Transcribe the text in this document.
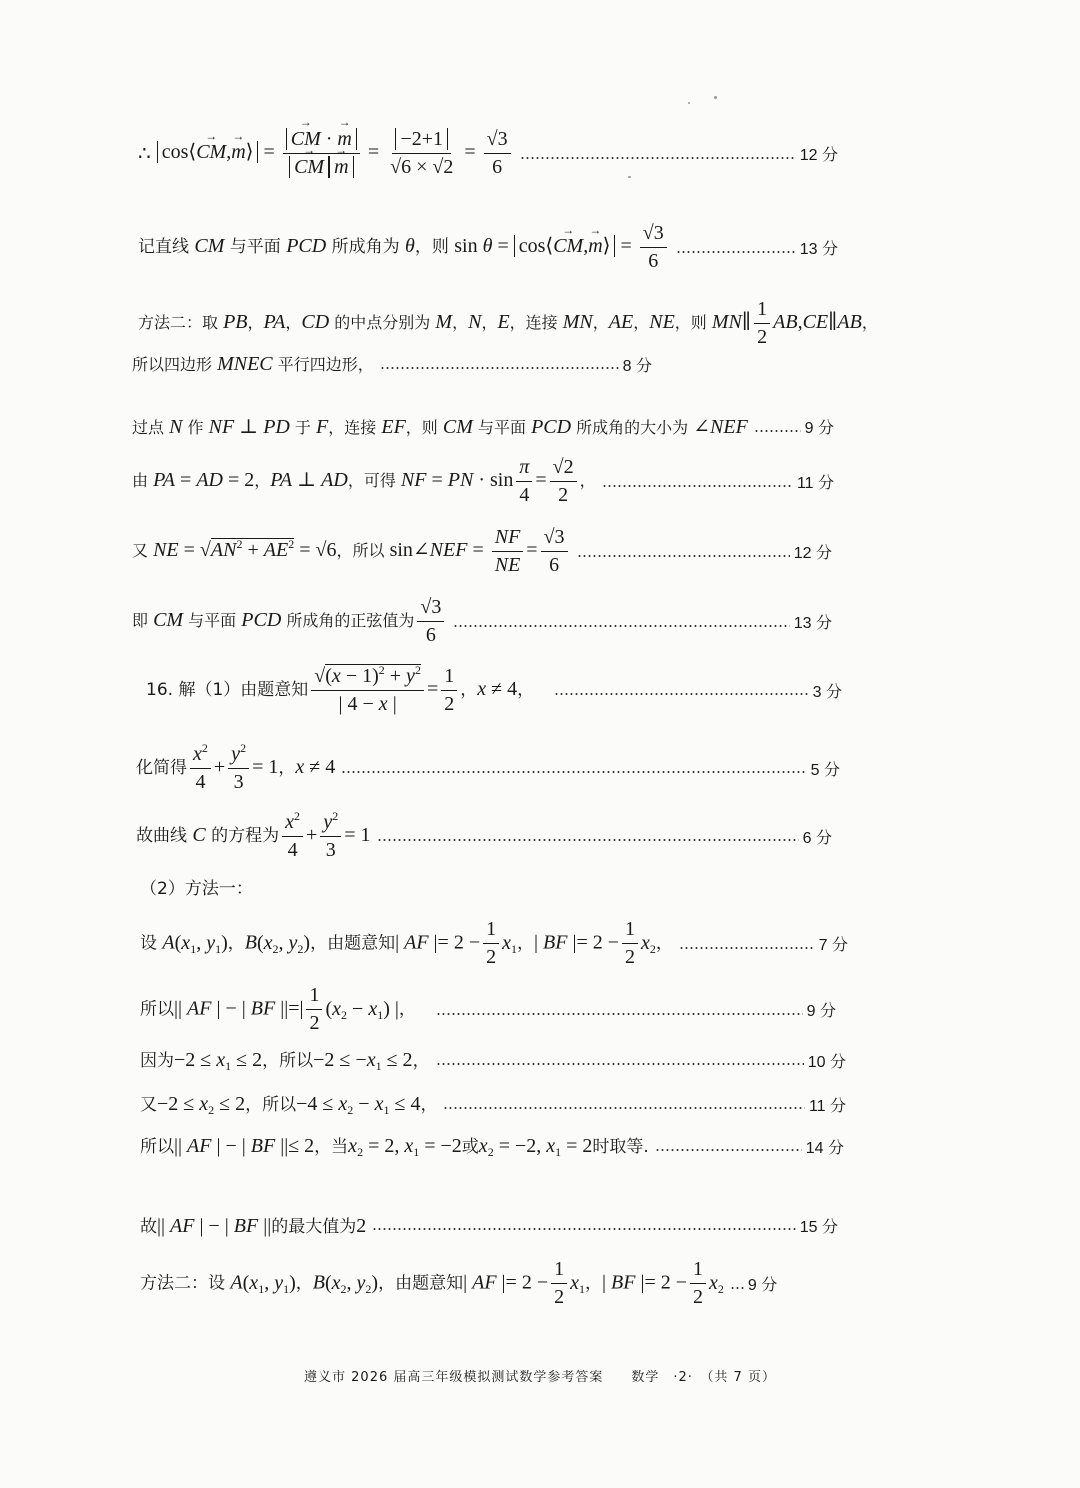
∴ cos⟨→ CM,→ m⟩ =
→ CM · → m
→ $CM\to m = \frac{-2+1}{√6 \times √2} = \frac{√3}{6}$	12 分
记直线 CM 与平面 PCD 所成角为 θ，则 sin θ = cos⟨→ CM,→ m⟩ = $\frac{√3}{6}$	13 分
方法二：取 PB，PA，CD 的中点分别为 M，N，E，连接 MN，AE，NE，则 MN∥ $\frac{1}{2}$ AB,CE∥AB，
所以四边形 MNEC 平行四边形，	8 分
过点 N 作 NF ⊥ PD 于 F，连接 EF，则 CM 与平面 PCD 所成角的大小为 ∠NEF	9 分
由 PA = AD = 2，PA ⊥ AD，可得 NF = PN · $\sin \frac{\pi}{4} = \frac{√2}{2}$ ，	11 分
又 NE = $√AN^2 + AE^2 = √6$，所以 sin∠NEF = $\frac{NF}{NE} = \frac{√3}{6}$	12 分
即 CM 与平面 PCD 所成角的正弦值为 $\frac{√3}{6}$	13 分
16. 解（1）由题意知 $\frac{√(x - 1)^2 + y^2}{| 4 - x |} = \frac{1}{2}$ ，x ≠ 4，	3 分
化简得 $\frac{x^2}{4} + \frac{y^2}{3} = 1$，x ≠ 4	5 分
故曲线 C 的方程为 $\frac{x^2}{4} + \frac{y^2}{3} = 1$	6 分
（2）方法一：
设 $A(x_1$, $y_1$)，$B(x_2$, $y_2$)，由题意知| AF |= $2 - \frac{1}{2} x_1$，| BF |= $2 - \frac{1}{2} x_2$，	7 分
所以|| AF | − | BF ||=| $\frac{1}{2} (x_2 - x_1)$ |，	9 分
因为$-2 \le x_1 \le 2$，所以$-2 \le -x_1 \le 2$，	10 分
又$-2 \le x_2 \le 2$，所以$-4 \le x_2 - x_1 \le 4$，	11 分
所以|| AF | − | BF ||≤ 2，当$x_2 = 2$, $x_1 = -2$或$x_2 = -2$, $x_1 = 2$时取等.	14 分
故|| AF | − | BF ||的最大值为2	15 分
方法二：设 $A(x_1$, $y_1$)，$B(x_2$, $y_2$)，由题意知| AF |= $2 - \frac{1}{2} x_1$，| BF |= $2 - \frac{1}{2} x_2$ 9 分
遵义市 2026 届高三年级模拟测试数学参考答案　　数学　·2·　（共 7 页）
